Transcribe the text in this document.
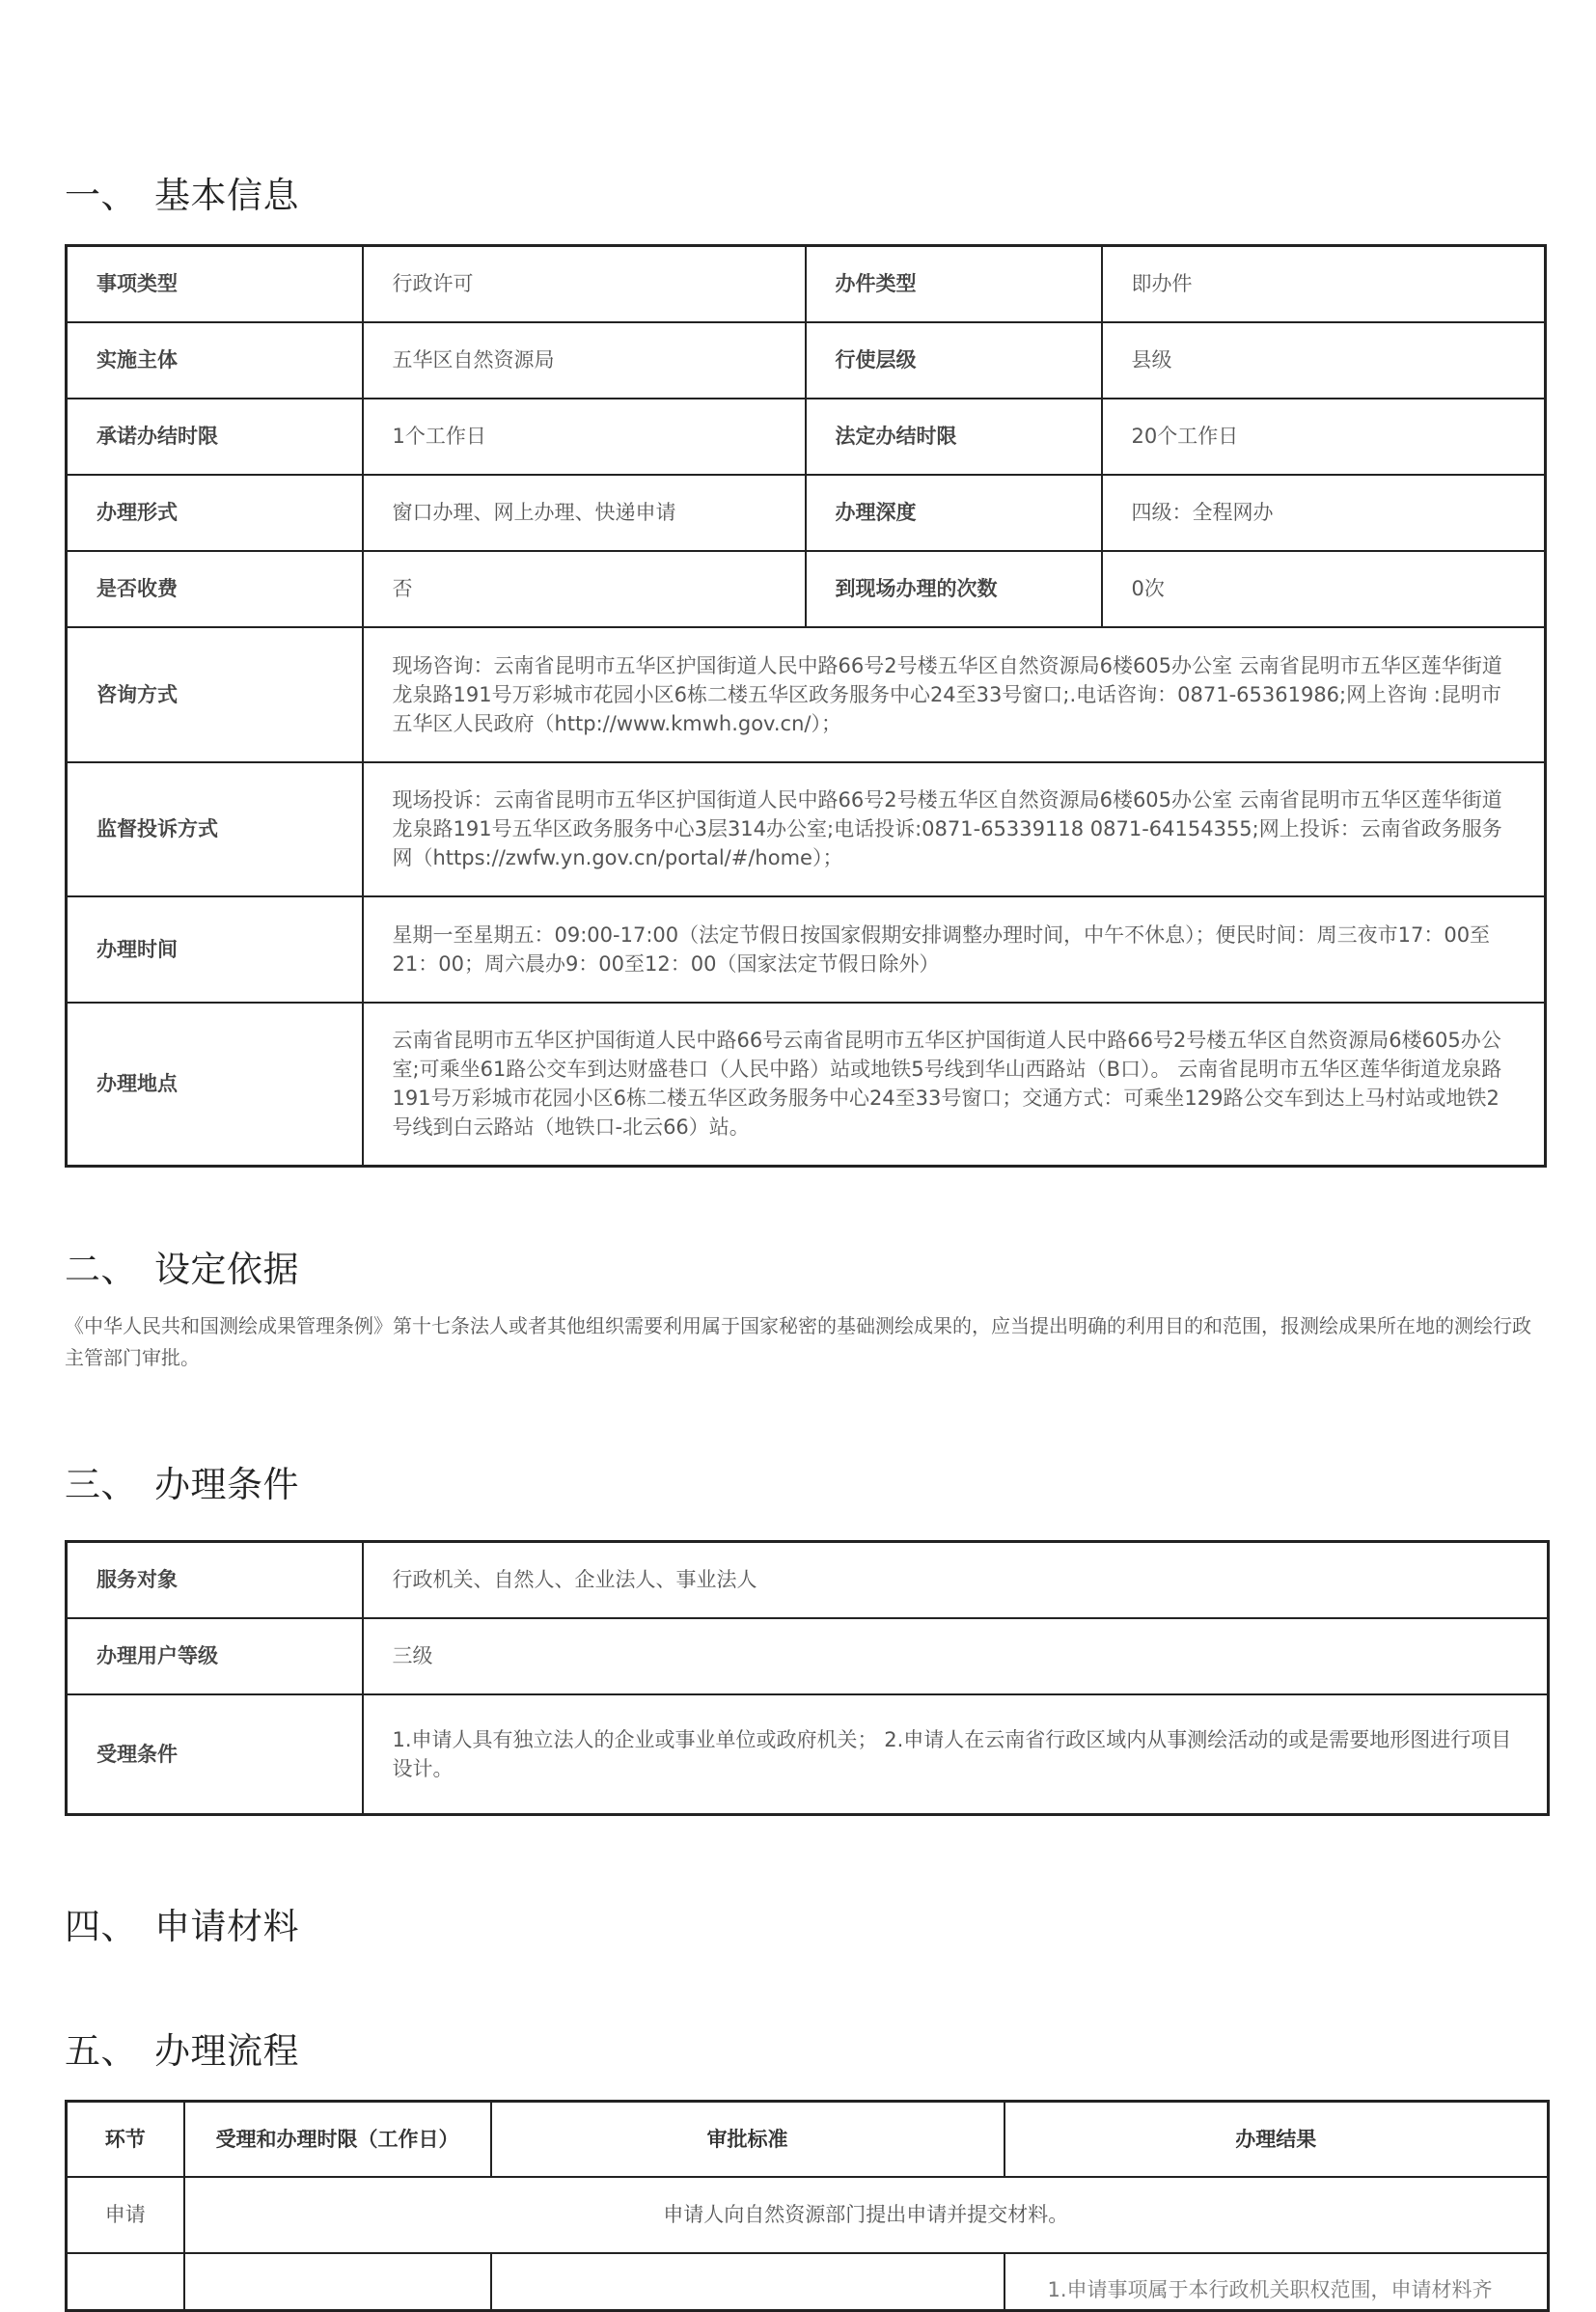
一、 基本信息
事项类型	行政许可	办件类型	即办件
实施主体	五华区自然资源局	行使层级	县级
承诺办结时限	1个工作日	法定办结时限	20个工作日
办理形式	窗口办理、网上办理、快递申请	办理深度	四级：全程网办
是否收费	否	到现场办理的次数	0次
咨询方式	现场咨询：云南省昆明市五华区护国街道人民中路66号2号楼五华区自然资源局6楼605办公室 云南省昆明市五华区莲华街道龙泉路191号万彩城市花园小区6栋二楼五华区政务服务中心24至33号窗口;.电话咨询：0871-65361986;网上咨询 :昆明市五华区人民政府（http://www.kmwh.gov.cn/）；		
监督投诉方式	现场投诉：云南省昆明市五华区护国街道人民中路66号2号楼五华区自然资源局6楼605办公室 云南省昆明市五华区莲华街道龙泉路191号五华区政务服务中心3层314办公室;电话投诉:0871-65339118 0871-64154355;网上投诉：云南省政务服务网（https://zwfw.yn.gov.cn/portal/#/home）；		
办理时间	星期一至星期五：09:00-17:00（法定节假日按国家假期安排调整办理时间，中午不休息）；便民时间：周三夜市17：00至21：00；周六晨办9：00至12：00（国家法定节假日除外）		
办理地点	云南省昆明市五华区护国街道人民中路66号云南省昆明市五华区护国街道人民中路66号2号楼五华区自然资源局6楼605办公室;可乘坐61路公交车到达财盛巷口（人民中路）站或地铁5号线到华山西路站（B口）。 云南省昆明市五华区莲华街道龙泉路191号万彩城市花园小区6栋二楼五华区政务服务中心24至33号窗口；交通方式：可乘坐129路公交车到达上马村站或地铁2号线到白云路站（地铁口-北云66）站。		
二、 设定依据

《中华人民共和国测绘成果管理条例》第十七条法人或者其他组织需要利用属于国家秘密的基础测绘成果的，应当提出明确的利用目的和范围，报测绘成果所在地的测绘行政主管部门审批。

三、 办理条件
服务对象	行政机关、自然人、企业法人、事业法人
办理用户等级	三级
受理条件	1.申请人具有独立法人的企业或事业单位或政府机关； 2.申请人在云南省行政区域内从事测绘活动的或是需要地形图进行项目设计。
四、 申请材料
五、 办理流程
环节	受理和办理时限（工作日）	审批标准	办理结果
申请	申请人向自然资源部门提出申请并提交材料。		
			1.申请事项属于本行政机关职权范围，申请材料齐
